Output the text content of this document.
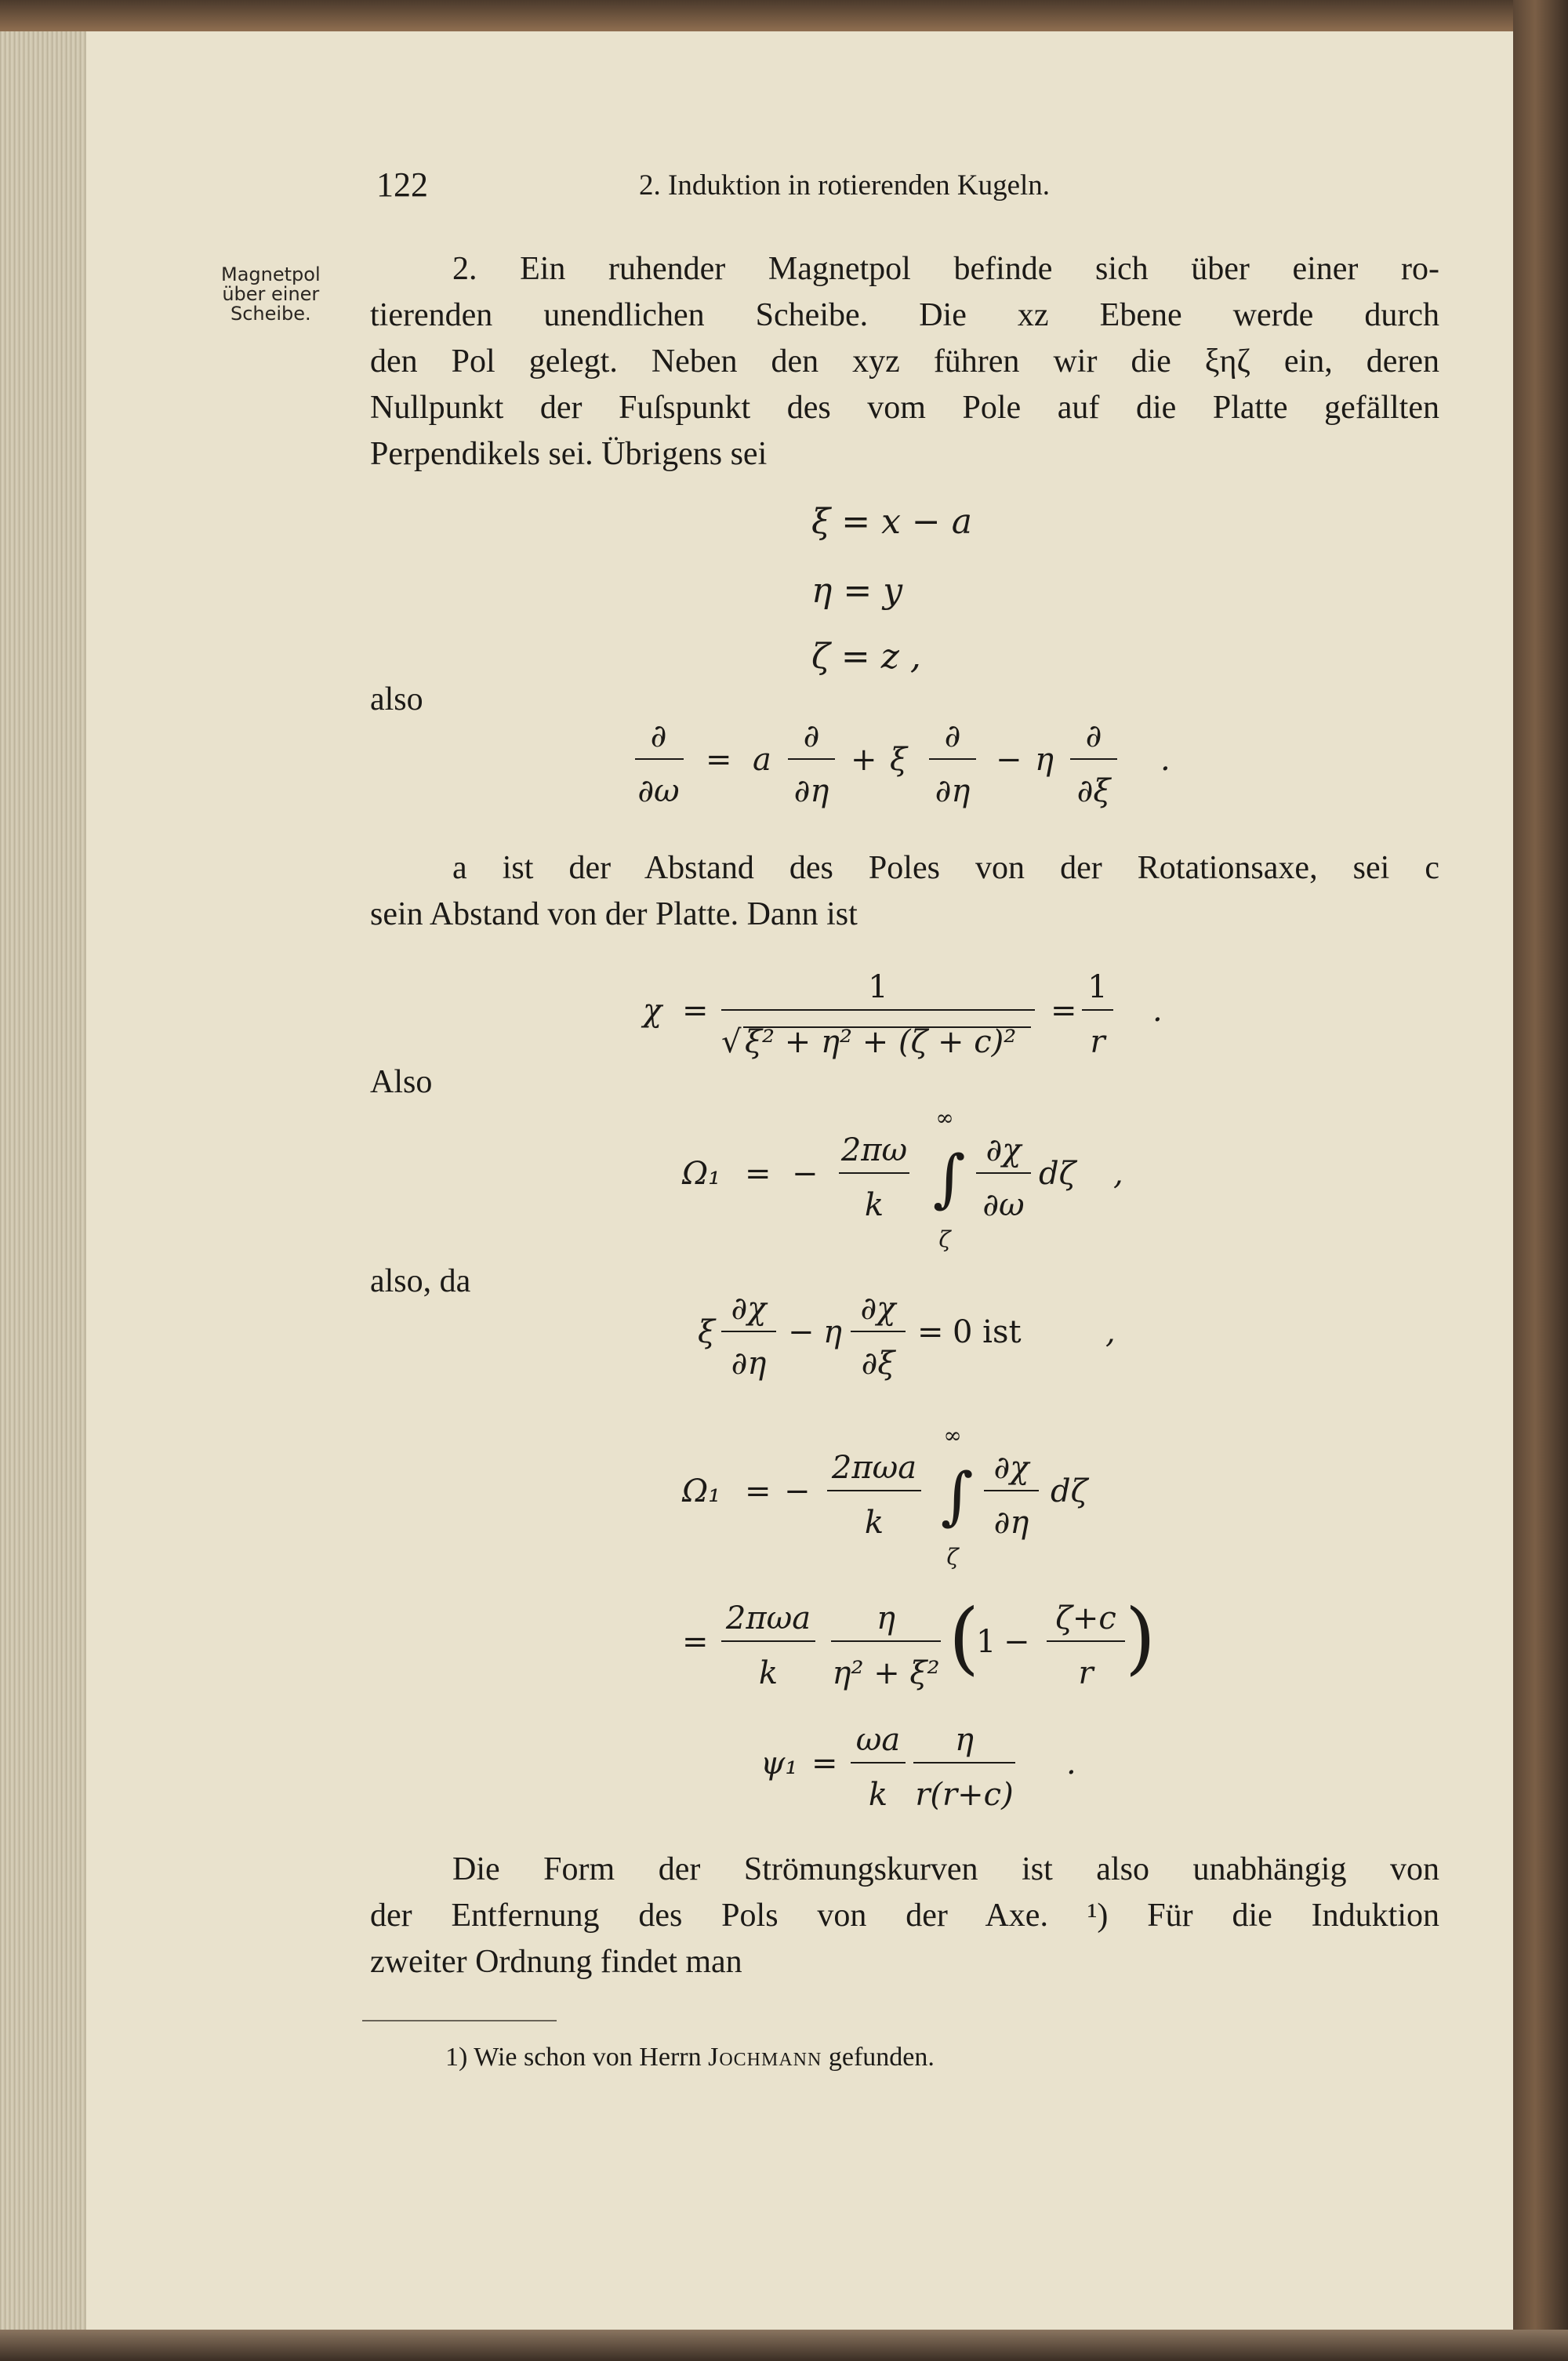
122	2. Induktion in rotierenden Kugeln.
Magnetpol
über einer
Scheibe.
2. Ein ruhender Magnetpol befinde sich über einer ro-
tierenden unendlichen Scheibe. Die xz Ebene werde durch
den Pol gelegt. Neben den xyz führen wir die ξηζ ein, deren
Nullpunkt der Fuſspunkt des vom Pole auf die Platte gefällten
Perpendikels sei. Übrigens sei
ξ = x − a
η = y
ζ = z ,
also
∂
∂ω
= a
∂
∂η
+ ξ
∂
∂η
− η
∂
∂ξ
.
a ist der Abstand des Poles von der Rotationsaxe, sei c
sein Abstand von der Platte. Dann ist
χ =
1
√ ξ² + η² + (ζ + c)²
=
1
r
.
Also
Ω₁ = −
2πω
k
∞
∫
ζ
∂χ
∂ω
dζ ,
also, da
ξ
∂χ
∂η
− η
∂χ
∂ξ
= 0 ist	,
Ω₁ = −
2πωa
k
∞
∫
ζ
∂χ
∂η
dζ
=
2πωa
k
η
η² + ξ² (
1 −
ζ+c
r )
ψ₁ =
ωa
k
η
r(r+c)
.
Die Form der Strömungskurven ist also unabhängig von
der Entfernung des Pols von der Axe. ¹) Für die Induktion
zweiter Ordnung findet man
1) Wie schon von Herrn Jochmann gefunden.
